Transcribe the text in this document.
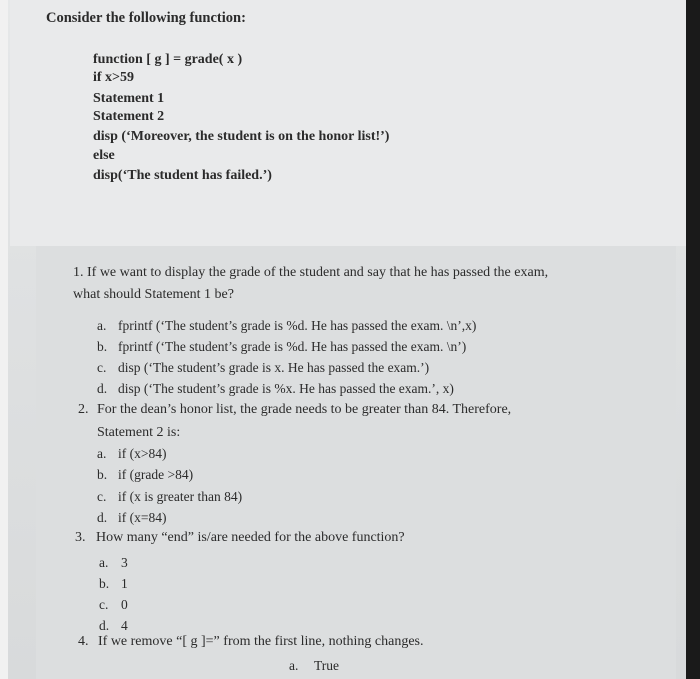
Consider the following function:
function [ g ] = grade( x )
if x>59
Statement 1
Statement 2
disp (‘Moreover, the student is on the honor list!’)
else
disp(‘The student has failed.’)
1. If we want to display the grade of the student and say that he has passed the exam,
what should Statement 1 be?
a. fprintf (‘The student’s grade is %d. He has passed the exam. \n’,x)
b. fprintf (‘The student’s grade is %d. He has passed the exam. \n’)
c. disp (‘The student’s grade is x. He has passed the exam.’)
d. disp (‘The student’s grade is %x. He has passed the exam.’, x)
2. For the dean’s honor list, the grade needs to be greater than 84. Therefore,
Statement 2 is:
a. if (x>84)
b. if (grade >84)
c. if (x is greater than 84)
d. if (x=84)
3. How many “end” is/are needed for the above function?
a. 3
b. 1
c. 0
d. 4
4. If we remove “[ g ]=” from the first line, nothing changes.
a. True
